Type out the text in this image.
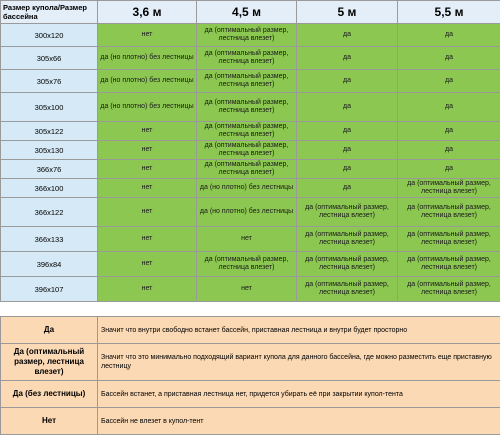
Размер купола/Размер бассейна	3,6 м	4,5 м	5 м	5,5 м
300x120	нет	да (оптимальный размер, лестница влезет)	да	да
305x66	да (но плотно) без лестницы	да (оптимальный размер, лестница влезет)	да	да
305x76	да (но плотно) без лестницы	да (оптимальный размер, лестница влезет)	да	да
305x100	да (но плотно) без лестницы	да (оптимальный размер, лестница влезет)	да	да
305x122	нет	да (оптимальный размер, лестница влезет)	да	да
305x130	нет	да (оптимальный размер, лестница влезет)	да	да
366x76	нет	да (оптимальный размер, лестница влезет)	да	да
366x100	нет	да (но плотно) без лестницы	да	да (оптимальный размер, лестница влезет)
366x122	нет	да (но плотно) без лестницы	да (оптимальный размер, лестница влезет)	да (оптимальный размер, лестница влезет)
366x133	нет	нет	да (оптимальный размер, лестница влезет)	да (оптимальный размер, лестница влезет)
396x84	нет	да (оптимальный размер, лестница влезет)	да (оптимальный размер, лестница влезет)	да (оптимальный размер, лестница влезет)
396x107	нет	нет	да (оптимальный размер, лестница влезет)	да (оптимальный размер, лестница влезет)
Да	Значит что внутри свободно встанет бассейн, приставная лестница и внутри будет просторно
Да (оптимальный размер, лестница влезет)	Значит что это минимально подходящий вариант купола для данного бассейна, где можно разместить еще приставную лестницу
Да (без лестницы)	Бассейн встанет, а приставная лестница нет, придется убирать её при закрытии купол-тента
Нет	Бассейн не влезет в купол-тент
